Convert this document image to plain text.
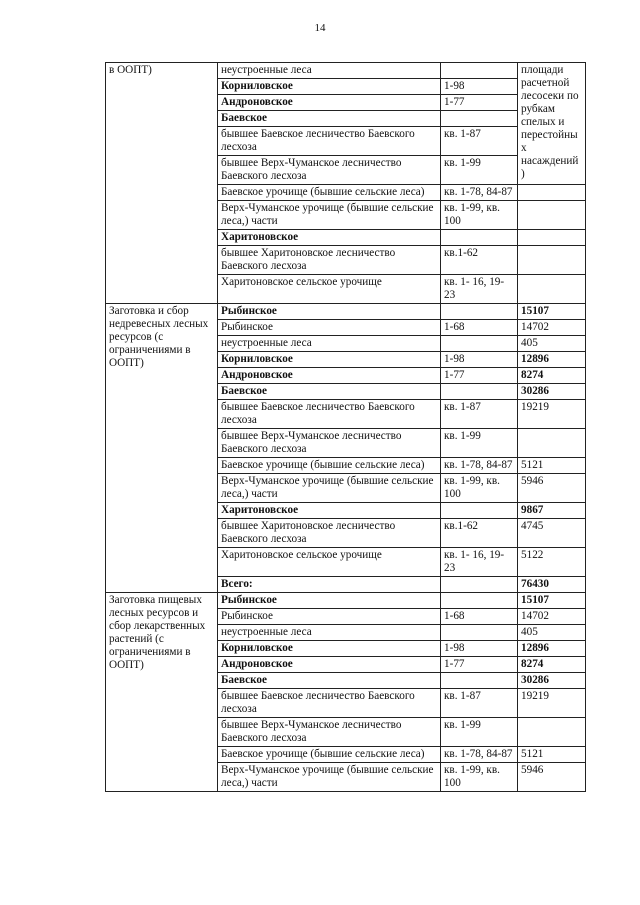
14
в ООПТ)	неустроенные леса		площади расчетной лесосеки по рубкам спелых и перестойны х насаждений )
	Корниловское	1-98	
	Андроновское	1-77	
	Баевское		
	бывшее Баевское лесничество Баевского лесхоза	кв. 1-87	
	бывшее Верх-Чуманское лесничество Баевского лесхоза	кв. 1-99	
	Баевское урочище (бывшие сельские леса)	кв. 1-78, 84-87	
	Верх-Чуманское урочище (бывшие сельские леса,) части	кв. 1-99, кв. 100	
	Харитоновское		
	бывшее Харитоновское лесничество Баевского лесхоза	кв.1-62	
	Харитоновское сельское урочище	кв. 1- 16, 19-23	
Заготовка и сбор недревесных лесных ресурсов (с ограничениями в ООПТ)	Рыбинское		15107
	Рыбинское	1-68	14702
	неустроенные леса		405
	Корниловское	1-98	12896
	Андроновское	1-77	8274
	Баевское		30286
	бывшее Баевское лесничество Баевского лесхоза	кв. 1-87	19219
	бывшее Верх-Чуманское лесничество Баевского лесхоза	кв. 1-99	
	Баевское урочище (бывшие сельские леса)	кв. 1-78, 84-87	5121
	Верх-Чуманское урочище (бывшие сельские леса,) части	кв. 1-99, кв. 100	5946
	Харитоновское		9867
	бывшее Харитоновское лесничество Баевского лесхоза	кв.1-62	4745
	Харитоновское сельское урочище	кв. 1- 16, 19-23	5122
	Всего:		76430
Заготовка пищевых лесных ресурсов и сбор лекарственных растений (с ограничениями в ООПТ)	Рыбинское		15107
	Рыбинское	1-68	14702
	неустроенные леса		405
	Корниловское	1-98	12896
	Андроновское	1-77	8274
	Баевское		30286
	бывшее Баевское лесничество Баевского лесхоза	кв. 1-87	19219
	бывшее Верх-Чуманское лесничество Баевского лесхоза	кв. 1-99	
	Баевское урочище (бывшие сельские леса)	кв. 1-78, 84-87	5121
	Верх-Чуманское урочище (бывшие сельские леса,) части	кв. 1-99, кв. 100	5946
